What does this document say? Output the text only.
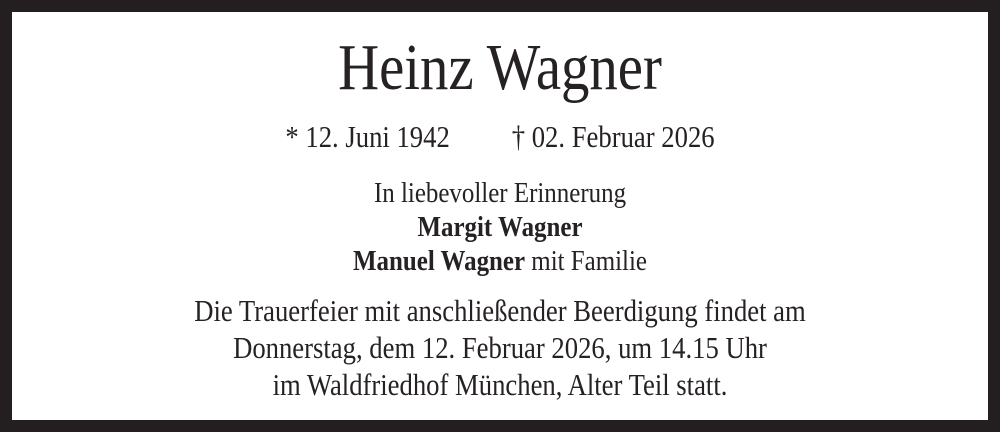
Heinz Wagner
* 12. Juni 1942 † 02. Februar 2026
In liebevoller Erinnerung
Margit Wagner
Manuel Wagner mit Familie
Die Trauerfeier mit anschließender Beerdigung findet am
Donnerstag, dem 12. Februar 2026, um 14.15 Uhr
im Waldfriedhof München, Alter Teil statt.
